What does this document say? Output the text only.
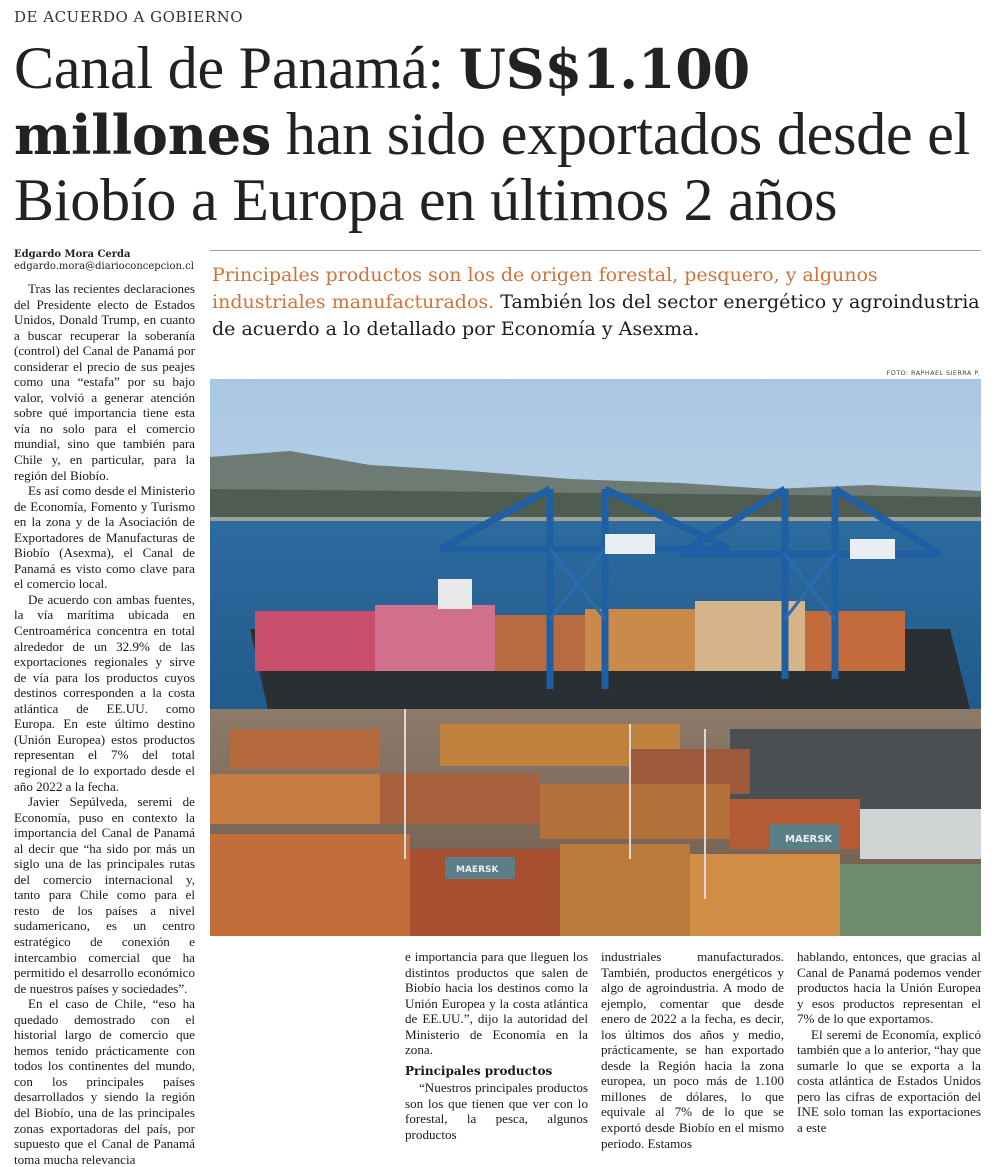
DE ACUERDO A GOBIERNO
Canal de Panamá: US$1.100 millones han sido exportados desde el Biobío a Europa en últimos 2 años
Edgardo Mora Cerda
edgardo.mora@diarioconcepcion.cl

Tras las recientes declaraciones del Presidente electo de Estados Unidos, Donald Trump, en cuanto a buscar recuperar la soberanía (control) del Canal de Panamá por considerar el precio de sus peajes como una “estafa” por su bajo valor, volvió a generar atención sobre qué importancia tiene esta vía no solo para el comercio mundial, sino que también para Chile y, en particular, para la región del Biobío.

Es así como desde el Ministerio de Economía, Fomento y Turismo en la zona y de la Asociación de Exportadores de Manufacturas de Biobío (Asexma), el Canal de Panamá es visto como clave para el comercio local.

De acuerdo con ambas fuentes, la vía marítima ubicada en Centroamérica concentra en total alrededor de un 32.9% de las exportaciones regionales y sirve de vía para los productos cuyos destinos corresponden a la costa atlántica de EE.UU. como Europa. En este último destino (Unión Europea) estos productos representan el 7% del total regional de lo exportado desde el año 2022 a la fecha.

Javier Sepúlveda, seremi de Economía, puso en contexto la importancia del Canal de Panamá al decir que “ha sido por más un siglo una de las principales rutas del comercio internacional y, tanto para Chile como para el resto de los países a nivel sudamericano, es un centro estratégico de conexión e intercambio comercial que ha permitido el desarrollo económico de nuestros países y sociedades”.

En el caso de Chile, “eso ha quedado demostrado con el historial largo de comercio que hemos tenido prácticamente con todos los continentes del mundo, con los principales países desarrollados y siendo la región del Biobío, una de las principales zonas exportadoras del país, por supuesto que el Canal de Panamá toma mucha relevancia

Principales productos son los de origen forestal, pesquero, y algunos industriales manufacturados. También los del sector energético y agroindustria de acuerdo a lo detallado por Economía y Asexma.
FOTO: RAPHAEL SIERRA P.
MAERSK
MAERSK

e importancia para que lleguen los distintos productos que salen de Biobío hacia los destinos como la Unión Europea y la costa atlántica de EE.UU.”, dijo la autoridad del Ministerio de Economía en la zona.

Principales productos

“Nuestros principales productos son los que tienen que ver con lo forestal, la pesca, algunos productos

industriales manufacturados. También, productos energéticos y algo de agroindustria. A modo de ejemplo, comentar que desde enero de 2022 a la fecha, es decir, los últimos dos años y medio, prácticamente, se han exportado desde la Región hacia la zona europea, un poco más de 1.100 millones de dólares, lo que equivale al 7% de lo que se exportó desde Biobío en el mismo periodo. Estamos

hablando, entonces, que gracias al Canal de Panamá podemos vender productos hacia la Unión Europea y esos productos representan el 7% de lo que exportamos.

El seremi de Economía, explicó también que a lo anterior, “hay que sumarle lo que se exporta a la costa atlántica de Estados Unidos pero las cifras de exportación del INE solo toman las exportaciones a este
